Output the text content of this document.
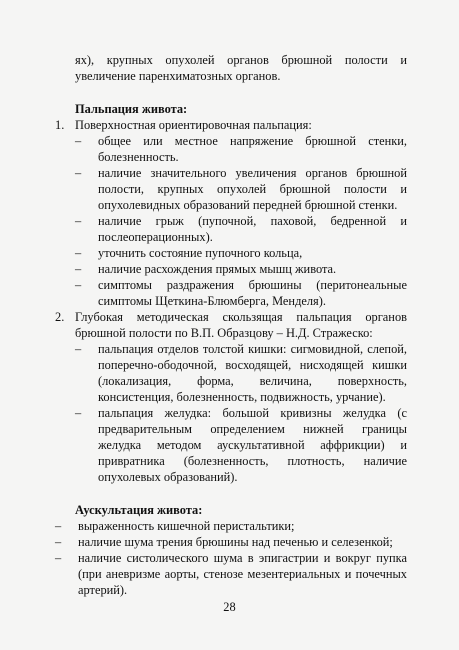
ях), крупных опухолей органов брюшной полости и увеличение паренхиматозных органов.
Пальпация живота:
1. Поверхностная ориентировочная пальпация:
– общее или местное напряжение брюшной стенки, болезненность.
– наличие значительного увеличения органов брюшной полости, крупных опухолей брюшной полости и опухолевидных образований передней брюшной стенки.
– наличие грыж (пупочной, паховой, бедренной и послеоперационных).
– уточнить состояние пупочного кольца,
– наличие расхождения прямых мышц живота.
– симптомы раздражения брюшины (перитонеальные симптомы Щеткина-Блюмберга, Менделя).
2. Глубокая методическая скользящая пальпация органов брюшной полости по В.П. Образцову – Н.Д. Стражеско:
– пальпация отделов толстой кишки: сигмовидной, слепой, поперечно-ободочной, восходящей, нисходящей кишки (локализация, форма, величина, поверхность, консистенция, болезненность, подвижность, урчание).
– пальпация желудка: большой кривизны желудка (с предварительным определением нижней границы желудка методом аускультативной аффрикции) и привратника (болезненность, плотность, наличие опухолевых образований).
Аускультация живота:
– выраженность кишечной перистальтики;
– наличие шума трения брюшины над печенью и селезенкой;
– наличие систолического шума в эпигастрии и вокруг пупка (при аневризме аорты, стенозе мезентериальных и почечных артерий).
28
